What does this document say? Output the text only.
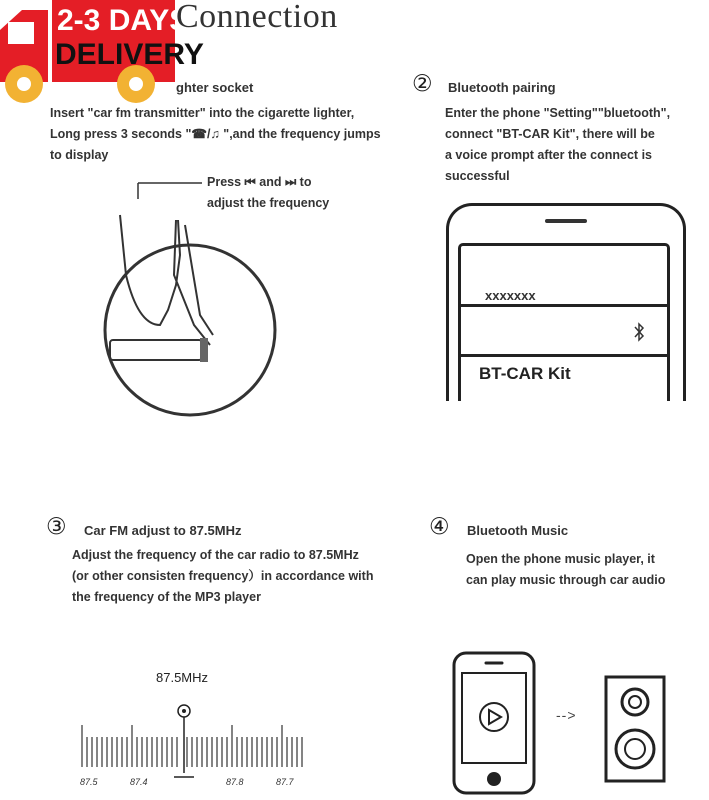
2-3 DAYS
DELIVERY
Connection
ghter socket
Insert "car fm transmitter" into the cigarette lighter,
Long press 3 seconds "☎/♫ ",and the frequency jumps
to display
Press ⏮ and ⏭ to
adjust the frequency
② Bluetooth pairing
Enter the phone "Setting""bluetooth",
connect "BT-CAR Kit", there will be
a voice prompt after the connect is
successful
xxxxxxx
BT-CAR Kit
③ Car FM adjust to 87.5MHz
Adjust the frequency of the car radio to 87.5MHz
(or other consisten frequency）in accordance with
the frequency of the MP3 player
87.5MHz
87.5	87.4	87.8	87.7
④ Bluetooth Music
Open the phone music player, it
can play music through car audio
-->
